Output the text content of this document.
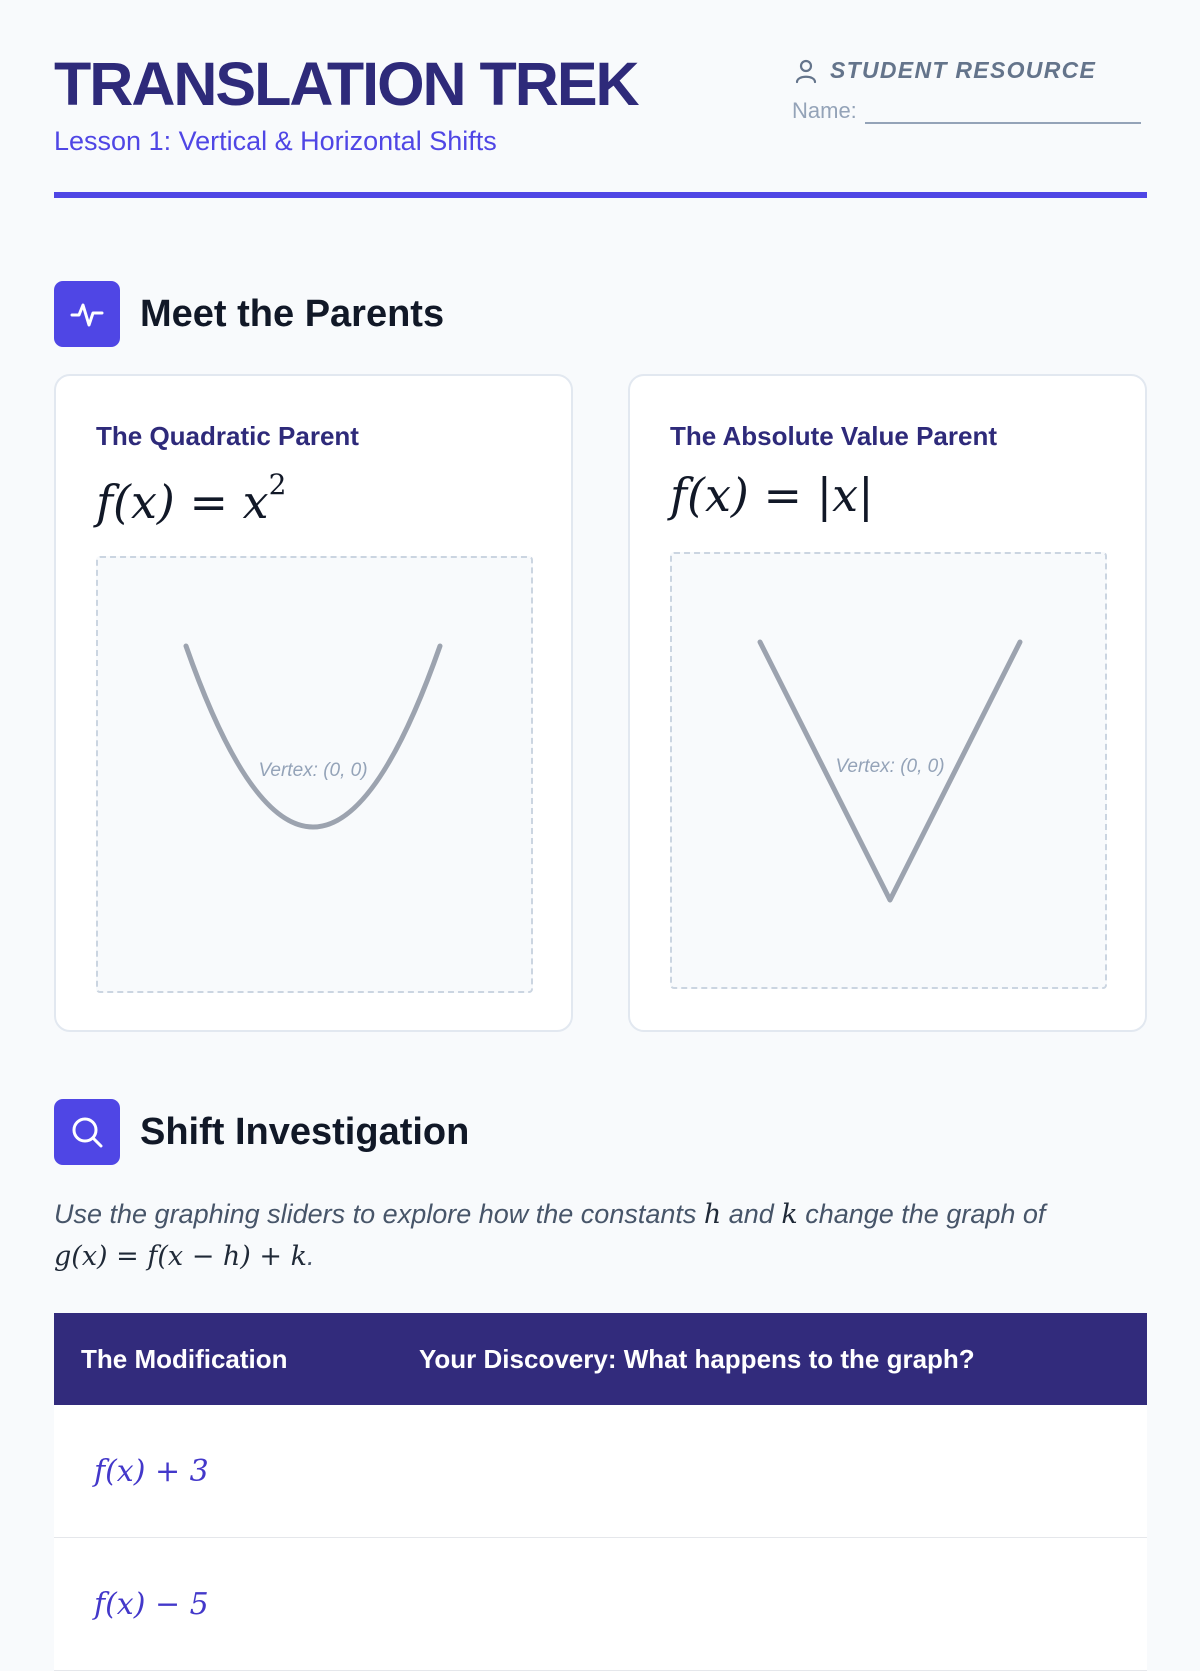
TRANSLATION TREK
Lesson 1: Vertical & Horizontal Shifts
STUDENT RESOURCE
Name:
Meet the Parents
The Quadratic Parent
$f(x) = x^2$
Vertex: (0, 0)
The Absolute Value Parent
f(x) = |x|
Vertex: (0, 0)
Shift Investigation
Use the graphing sliders to explore how the constants h and k change the graph of
g(x) = f(x − h) + k.
The Modification	Your Discovery: What happens to the graph?
f(x) + 3
f(x) − 5
